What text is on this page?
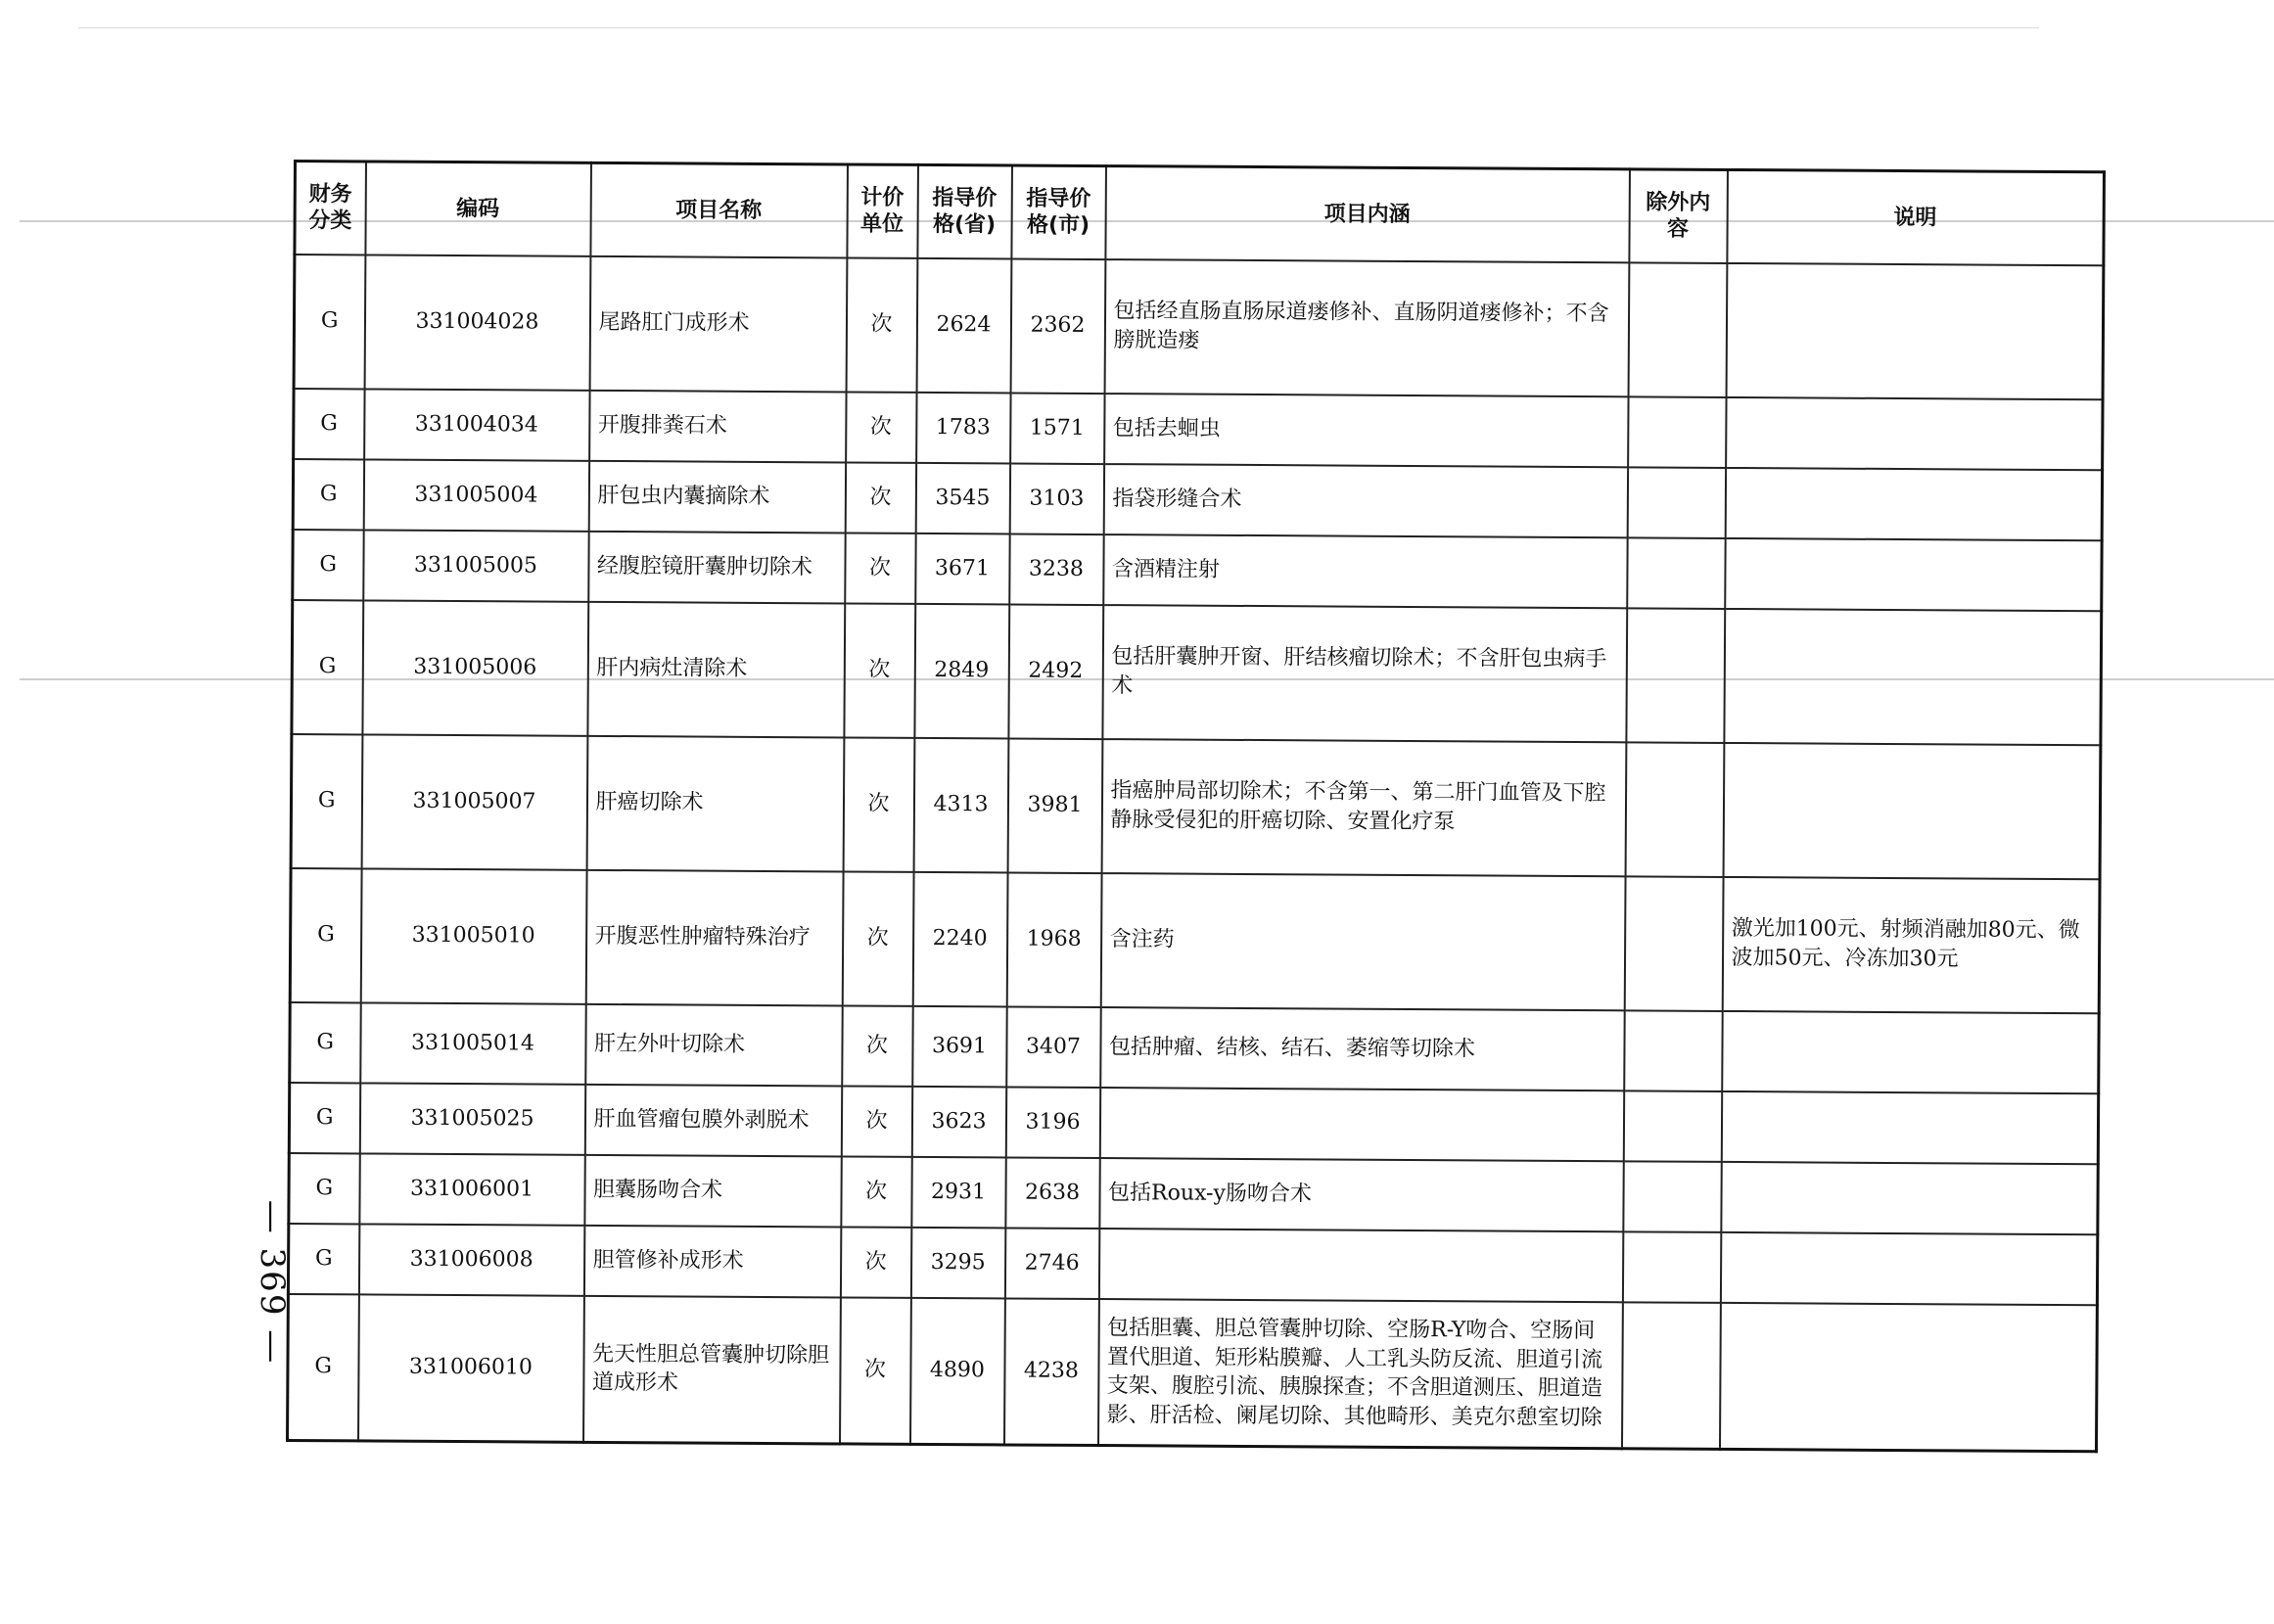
— 369 —
财务分类	编码	项目名称	计价单位	指导价格(省)	指导价格(市)	项目内涵	除外内容	说明
G	331004028	尾路肛门成形术	次	2624	2362	包括经直肠直肠尿道瘘修补、直肠阴道瘘修补；不含膀胱造瘘		
G	331004034	开腹排粪石术	次	1783	1571	包括去蛔虫		
G	331005004	肝包虫内囊摘除术	次	3545	3103	指袋形缝合术		
G	331005005	经腹腔镜肝囊肿切除术	次	3671	3238	含酒精注射		
G	331005006	肝内病灶清除术	次	2849	2492	包括肝囊肿开窗、肝结核瘤切除术；不含肝包虫病手术		
G	331005007	肝癌切除术	次	4313	3981	指癌肿局部切除术；不含第一、第二肝门血管及下腔静脉受侵犯的肝癌切除、安置化疗泵		
G	331005010	开腹恶性肿瘤特殊治疗	次	2240	1968	含注药		激光加100元、射频消融加80元、微波加50元、冷冻加30元
G	331005014	肝左外叶切除术	次	3691	3407	包括肿瘤、结核、结石、萎缩等切除术		
G	331005025	肝血管瘤包膜外剥脱术	次	3623	3196			
G	331006001	胆囊肠吻合术	次	2931	2638	包括Roux-y肠吻合术		
G	331006008	胆管修补成形术	次	3295	2746			
G	331006010	先天性胆总管囊肿切除胆道成形术	次	4890	4238	包括胆囊、胆总管囊肿切除、空肠R-Y吻合、空肠间置代胆道、矩形粘膜瓣、人工乳头防反流、胆道引流支架、腹腔引流、胰腺探查；不含胆道测压、胆道造影、肝活检、阑尾切除、其他畸形、美克尔憩室切除		
